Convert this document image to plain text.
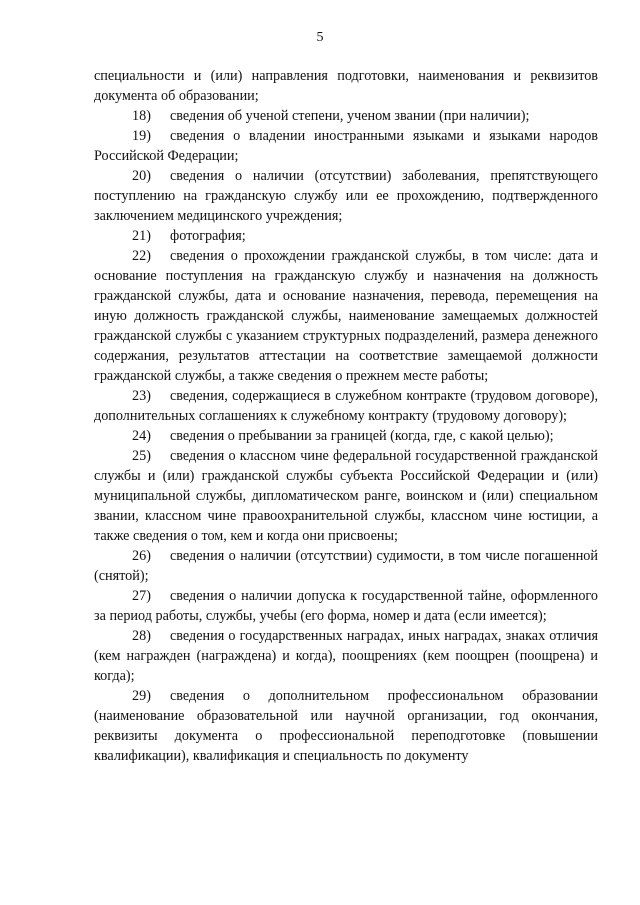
5

специальности и (или) направления подготовки, наименования и реквизитов документа об образовании;

18) сведения об ученой степени, ученом звании (при наличии);

19) сведения о владении иностранными языками и языками народов Российской Федерации;

20) сведения о наличии (отсутствии) заболевания, препятствующего поступлению на гражданскую службу или ее прохождению, подтвержденного заключением медицинского учреждения;

21) фотография;

22) сведения о прохождении гражданской службы, в том числе: дата и основание поступления на гражданскую службу и назначения на должность гражданской службы, дата и основание назначения, перевода, перемещения на иную должность гражданской службы, наименование замещаемых должностей гражданской службы с указанием структурных подразделений, размера денежного содержания, результатов аттестации на соответствие замещаемой должности гражданской службы, а также сведения о прежнем месте работы;

23) сведения, содержащиеся в служебном контракте (трудовом договоре), дополнительных соглашениях к служебному контракту (трудовому договору);

24) сведения о пребывании за границей (когда, где, с какой целью);

25) сведения о классном чине федеральной государственной гражданской службы и (или) гражданской службы субъекта Российской Федерации и (или) муниципальной службы, дипломатическом ранге, воинском и (или) специальном звании, классном чине правоохранительной службы, классном чине юстиции, а также сведения о том, кем и когда они присвоены;

26) сведения о наличии (отсутствии) судимости, в том числе погашенной (снятой);

27) сведения о наличии допуска к государственной тайне, оформленного за период работы, службы, учебы (его форма, номер и дата (если имеется);

28) сведения о государственных наградах, иных наградах, знаках отличия (кем награжден (награждена) и когда), поощрениях (кем поощрен (поощрена) и когда);

29) сведения о дополнительном профессиональном образовании (наименование образовательной или научной организации, год окончания, реквизиты документа о профессиональной переподготовке (повышении квалификации), квалификация и специальность по документу
